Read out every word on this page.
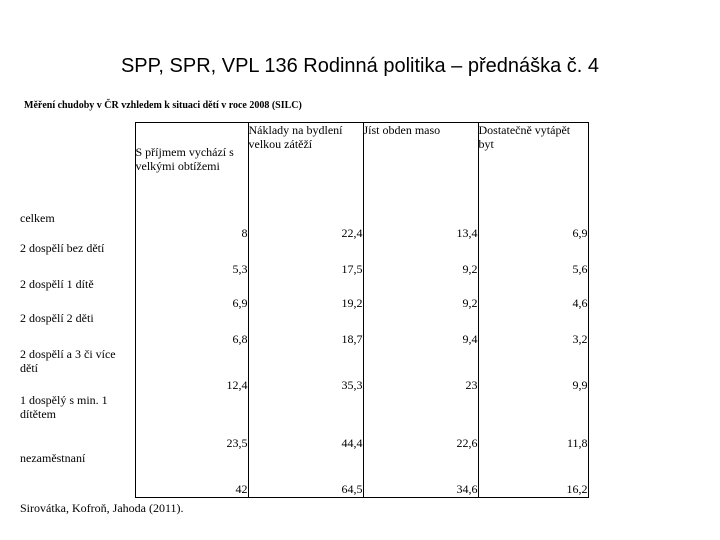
SPP, SPR, VPL 136 Rodinná politika – přednáška č. 4
Měření chudoby v ČR vzhledem k situaci dětí v roce 2008 (SILC)
	S příjmem vychází s velkými obtížemi	Náklady na bydlení velkou zátěží	Jíst obden maso	Dostatečně vytápět byt
celkem	8	22,4	13,4	6,9
2 dospělí bez dětí	5,3	17,5	9,2	5,6
2 dospělí 1 dítě	6,9	19,2	9,2	4,6
2 dospělí 2 děti	6,8	18,7	9,4	3,2
2 dospělí a 3 či více dětí	12,4	35,3	23	9,9
1 dospělý s min. 1 dítětem	23,5	44,4	22,6	11,8
nezaměstnaní	42	64,5	34,6	16,2
Sirovátka, Kofroň, Jahoda (2011).
